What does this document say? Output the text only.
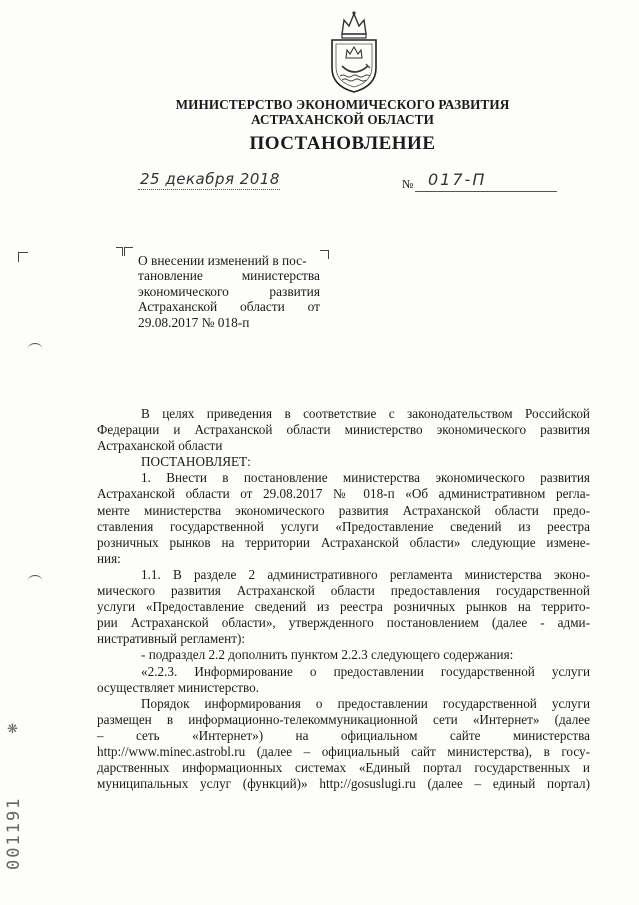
МИНИСТЕРСТВО ЭКОНОМИЧЕСКОГО РАЗВИТИЯ
АСТРАХАНСКОЙ ОБЛАСТИ
ПОСТАНОВЛЕНИЕ
25 декабря 2018	№ 017-П
О внесении изменений в пос-
тановление министерства
экономического развития
Астраханской области от
29.08.2017 № 018-п
В целях приведения в соответствие с законодательством Российской
Федерации и Астраханской области министерство экономического развития
Астраханской области
ПОСТАНОВЛЯЕТ:
1. Внести в постановление министерства экономического развития
Астраханской области от 29.08.2017 № 018-п «Об административном регла-
менте министерства экономического развития Астраханской области предо-
ставления государственной услуги «Предоставление сведений из реестра
розничных рынков на территории Астраханской области» следующие измене-
ния:
1.1. В разделе 2 административного регламента министерства эконо-
мического развития Астраханской области предоставления государственной
услуги «Предоставление сведений из реестра розничных рынков на террито-
рии Астраханской области», утвержденного постановлением (далее - адми-
нистративный регламент):
- подраздел 2.2 дополнить пунктом 2.2.3 следующего содержания:
«2.2.3. Информирование о предоставлении государственной услуги
осуществляет министерство.
Порядок информирования о предоставлении государственной услуги
размещен в информационно-телекоммуникационной сети «Интернет» (далее
– сеть «Интернет») на официальном сайте министерства
http://www.minec.astrobl.ru (далее – официальный сайт министерства), в госу-
дарственных информационных системах «Единый портал государственных и
муниципальных услуг (функций)» http://gosuslugi.ru (далее – единый портал)
❋
001191
